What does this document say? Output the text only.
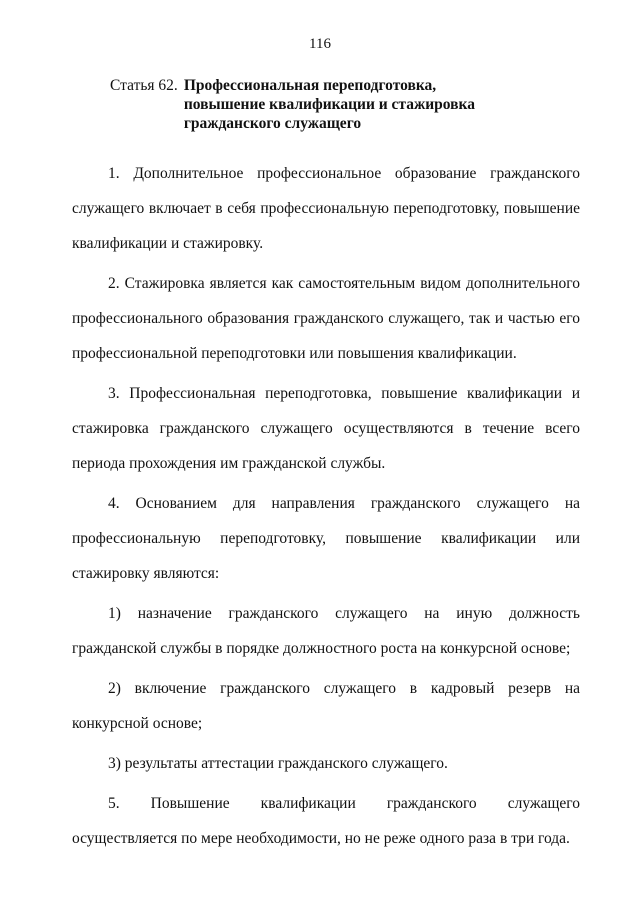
116
Статья 62. Профессиональная переподготовка,
повышение квалификации и стажировка
гражданского служащего

1. Дополнительное профессиональное образование гражданского служащего включает в себя профессиональную переподготовку, повышение квалификации и стажировку.

2. Стажировка является как самостоятельным видом дополнительного профессионального образования гражданского служащего, так и частью его профессиональной переподготовки или повышения квалификации.

3. Профессиональная переподготовка, повышение квалификации и стажировка гражданского служащего осуществляются в течение всего периода прохождения им гражданской службы.

4. Основанием для направления гражданского служащего на профессиональную переподготовку, повышение квалификации или стажировку являются:

1) назначение гражданского служащего на иную должность гражданской службы в порядке должностного роста на конкурсной основе;

2) включение гражданского служащего в кадровый резерв на конкурсной основе;

3) результаты аттестации гражданского служащего.

5. Повышение квалификации гражданского служащего осуществляется по мере необходимости, но не реже одного раза в три года.
